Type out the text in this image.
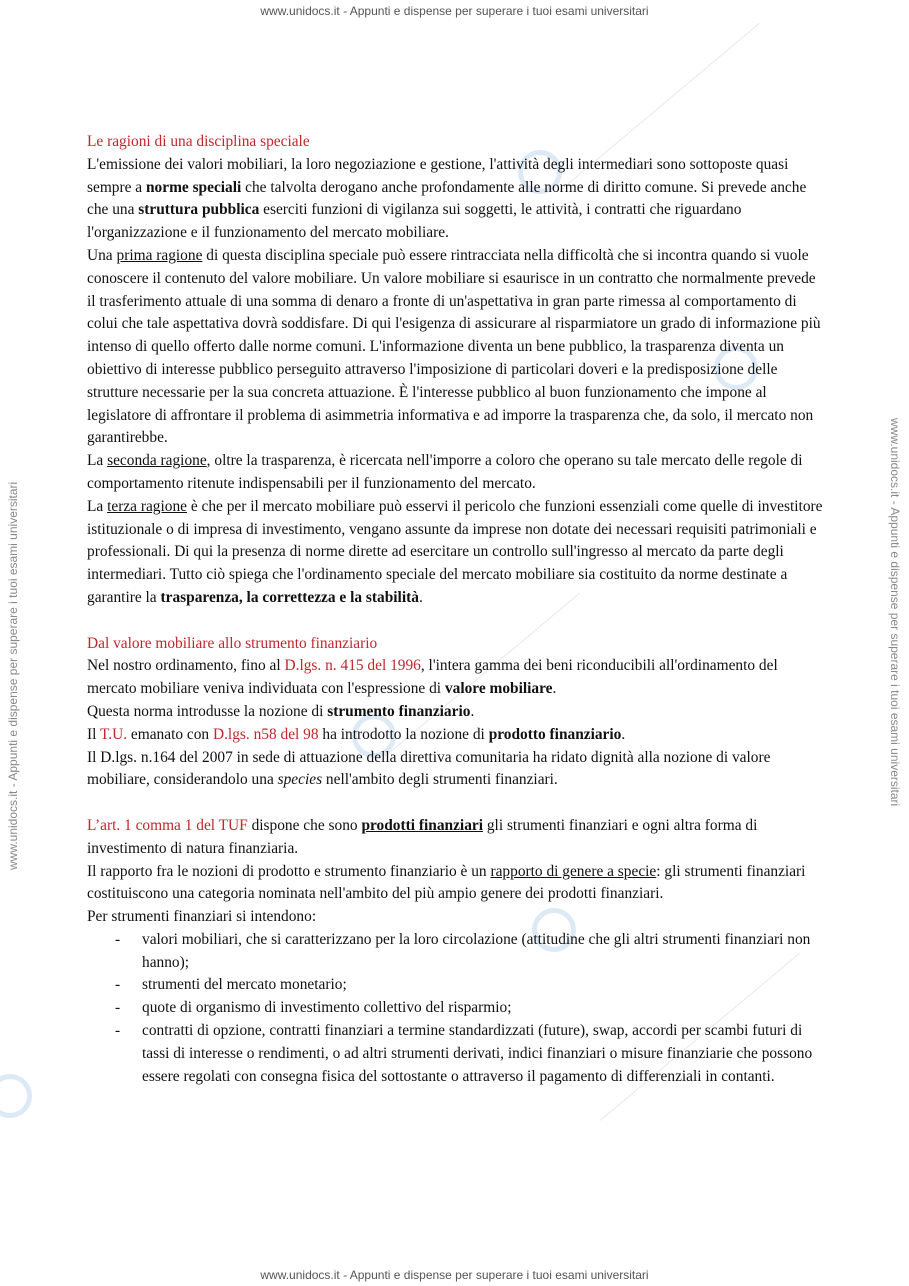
www.unidocs.it - Appunti e dispense per superare i tuoi esami universitari
www.unidocs.it - Appunti e dispense per superare i tuoi esami universitari
www.unidocs.it - Appunti e dispense per superare i tuoi esami universitari	www.unidocs.it - Appunti e dispense per superare i tuoi esami universitari

Le ragioni di una disciplina speciale

L'emissione dei valori mobiliari, la loro negoziazione e gestione, l'attività degli intermediari sono sottoposte quasi sempre a norme speciali che talvolta derogano anche profondamente alle norme di diritto comune. Si prevede anche che una struttura pubblica eserciti funzioni di vigilanza sui soggetti, le attività, i contratti che riguardano l'organizzazione e il funzionamento del mercato mobiliare.

Una prima ragione di questa disciplina speciale può essere rintracciata nella difficoltà che si incontra quando si vuole conoscere il contenuto del valore mobiliare. Un valore mobiliare si esaurisce in un contratto che normalmente prevede il trasferimento attuale di una somma di denaro a fronte di un'aspettativa in gran parte rimessa al comportamento di colui che tale aspettativa dovrà soddisfare. Di qui l'esigenza di assicurare al risparmiatore un grado di informazione più intenso di quello offerto dalle norme comuni. L'informazione diventa un bene pubblico, la trasparenza diventa un obiettivo di interesse pubblico perseguito attraverso l'imposizione di particolari doveri e la predisposizione delle strutture necessarie per la sua concreta attuazione. È l'interesse pubblico al buon funzionamento che impone al legislatore di affrontare il problema di asimmetria informativa e ad imporre la trasparenza che, da solo, il mercato non garantirebbe.

La seconda ragione, oltre la trasparenza, è ricercata nell'imporre a coloro che operano su tale mercato delle regole di comportamento ritenute indispensabili per il funzionamento del mercato.

La terza ragione è che per il mercato mobiliare può esservi il pericolo che funzioni essenziali come quelle di investitore istituzionale o di impresa di investimento, vengano assunte da imprese non dotate dei necessari requisiti patrimoniali e professionali. Di qui la presenza di norme dirette ad esercitare un controllo sull'ingresso al mercato da parte degli intermediari. Tutto ciò spiega che l'ordinamento speciale del mercato mobiliare sia costituito da norme destinate a garantire la trasparenza, la correttezza e la stabilità.

Dal valore mobiliare allo strumento finanziario

Nel nostro ordinamento, fino al D.lgs. n. 415 del 1996, l'intera gamma dei beni riconducibili all'ordinamento del mercato mobiliare veniva individuata con l'espressione di valore mobiliare.

Questa norma introdusse la nozione di strumento finanziario.

Il T.U. emanato con D.lgs. n58 del 98 ha introdotto la nozione di prodotto finanziario.

Il D.lgs. n.164 del 2007 in sede di attuazione della direttiva comunitaria ha ridato dignità alla nozione di valore mobiliare, considerandolo una species nell'ambito degli strumenti finanziari.

L’art. 1 comma 1 del TUF dispone che sono prodotti finanziari gli strumenti finanziari e ogni altra forma di investimento di natura finanziaria.

Il rapporto fra le nozioni di prodotto e strumento finanziario è un rapporto di genere a specie: gli strumenti finanziari costituiscono una categoria nominata nell'ambito del più ampio genere dei prodotti finanziari.

Per strumenti finanziari si intendono:

- valori mobiliari, che si caratterizzano per la loro circolazione (attitudine che gli altri strumenti finanziari non hanno);
- strumenti del mercato monetario;
- quote di organismo di investimento collettivo del risparmio;
- contratti di opzione, contratti finanziari a termine standardizzati (future), swap, accordi per scambi futuri di tassi di interesse o rendimenti, o ad altri strumenti derivati, indici finanziari o misure finanziarie che possono essere regolati con consegna fisica del sottostante o attraverso il pagamento di differenziali in contanti.
